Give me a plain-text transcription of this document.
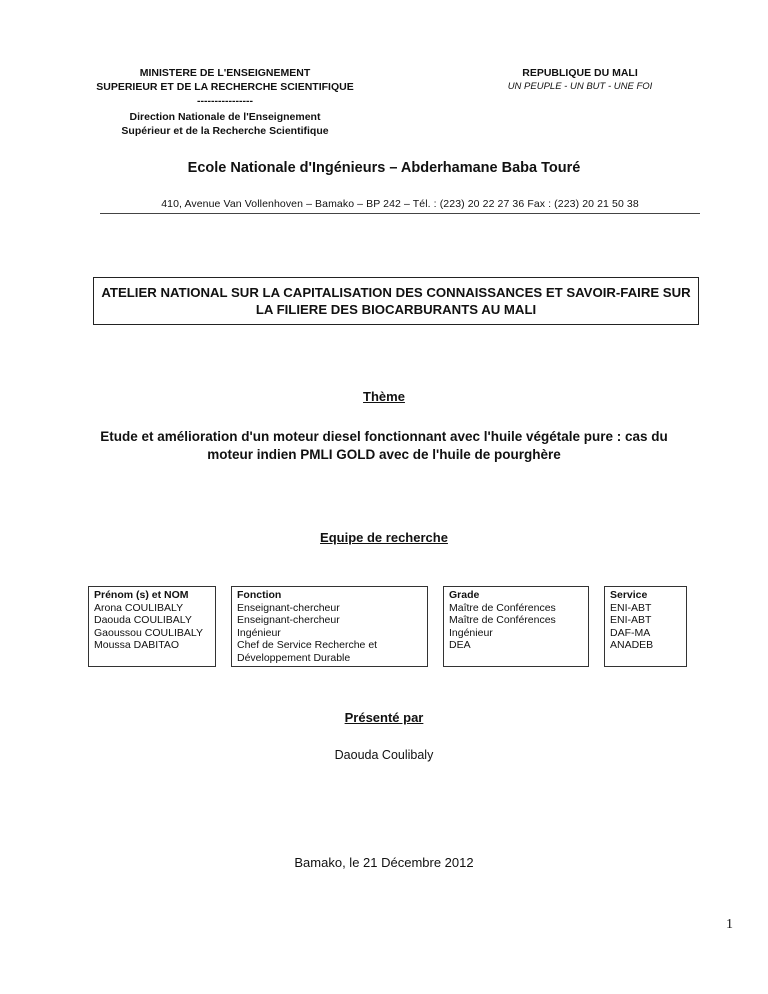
MINISTERE DE L'ENSEIGNEMENT
SUPERIEUR ET DE LA RECHERCHE SCIENTIFIQUE
----------------
Direction Nationale de l'Enseignement
Supérieur et de la Recherche Scientifique
REPUBLIQUE DU MALI
UN PEUPLE - UN BUT - UNE FOI
Ecole Nationale d'Ingénieurs – Abderhamane Baba Touré
410, Avenue Van Vollenhoven – Bamako – BP 242 – Tél. : (223) 20 22 27 36 Fax : (223) 20 21 50 38
ATELIER NATIONAL SUR LA CAPITALISATION DES CONNAISSANCES ET SAVOIR-FAIRE SUR
LA FILIERE DES BIOCARBURANTS AU MALI
Thème
Etude et amélioration d'un moteur diesel fonctionnant avec l'huile végétale pure : cas du
moteur indien PMLI GOLD avec de l'huile de pourghère
Equipe de recherche
Prénom (s) et NOM		Fonction		Grade		Service
Arona COULIBALY		Enseignant-chercheur		Maître de Conférences		ENI-ABT
Daouda COULIBALY		Enseignant-chercheur		Maître de Conférences		ENI-ABT
Gaoussou COULIBALY		Ingénieur		Ingénieur		DAF-MA
Moussa DABITAO		Chef de Service Recherche et		DEA		ANADEB
		Développement Durable				
Présenté par
Daouda Coulibaly
Bamako, le 21 Décembre 2012
1
